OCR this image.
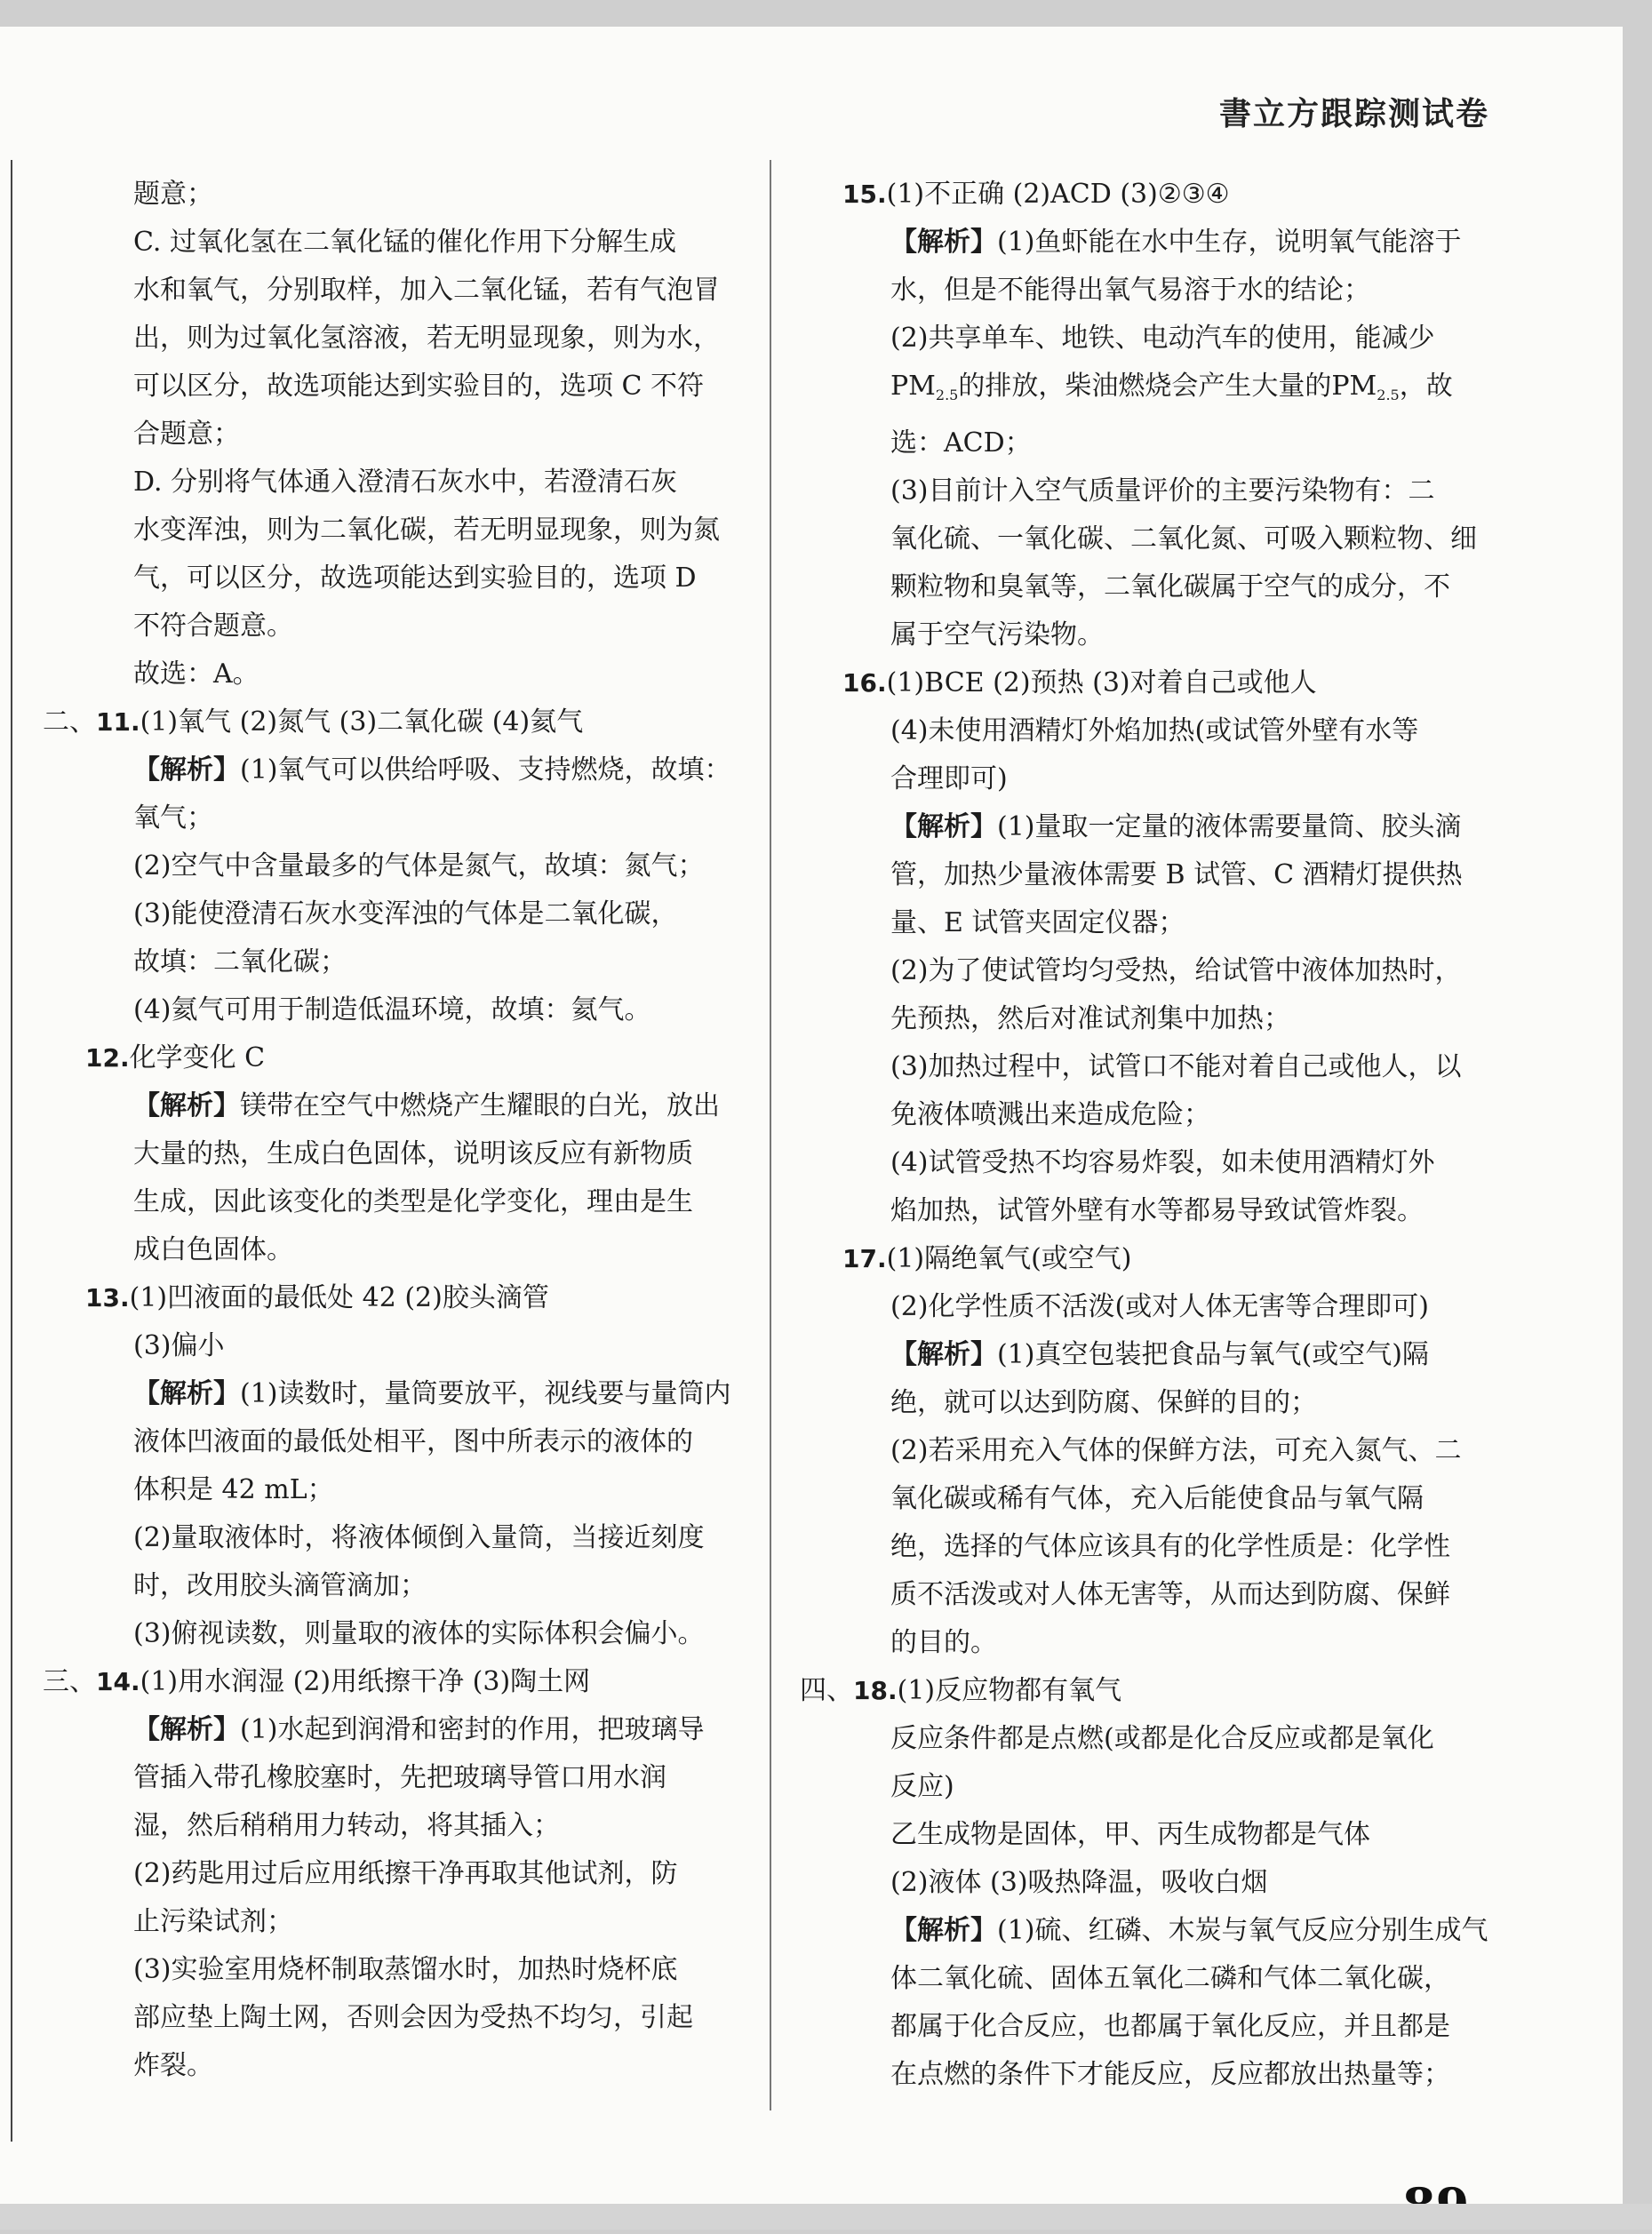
書立方跟踪测试卷

题意；

C. 过氧化氢在二氧化锰的催化作用下分解生成

水和氧气，分别取样，加入二氧化锰，若有气泡冒

出，则为过氧化氢溶液，若无明显现象，则为水，

可以区分，故选项能达到实验目的，选项 C 不符

合题意；

D. 分别将气体通入澄清石灰水中，若澄清石灰

水变浑浊，则为二氧化碳，若无明显现象，则为氮

气，可以区分，故选项能达到实验目的，选项 D

不符合题意。

故选：A。

二、11.(1)氧气 (2)氮气 (3)二氧化碳 (4)氦气

【解析】(1)氧气可以供给呼吸、支持燃烧，故填：

氧气；

(2)空气中含量最多的气体是氮气，故填：氮气；

(3)能使澄清石灰水变浑浊的气体是二氧化碳，

故填：二氧化碳；

(4)氦气可用于制造低温环境，故填：氦气。

12.化学变化 C

【解析】镁带在空气中燃烧产生耀眼的白光，放出

大量的热，生成白色固体，说明该反应有新物质

生成，因此该变化的类型是化学变化，理由是生

成白色固体。

13.(1)凹液面的最低处 42 (2)胶头滴管

(3)偏小

【解析】(1)读数时，量筒要放平，视线要与量筒内

液体凹液面的最低处相平，图中所表示的液体的

体积是 42 mL；

(2)量取液体时，将液体倾倒入量筒，当接近刻度

时，改用胶头滴管滴加；

(3)俯视读数，则量取的液体的实际体积会偏小。

三、14.(1)用水润湿 (2)用纸擦干净 (3)陶土网

【解析】(1)水起到润滑和密封的作用，把玻璃导

管插入带孔橡胶塞时，先把玻璃导管口用水润

湿，然后稍稍用力转动，将其插入；

(2)药匙用过后应用纸擦干净再取其他试剂，防

止污染试剂；

(3)实验室用烧杯制取蒸馏水时，加热时烧杯底

部应垫上陶土网，否则会因为受热不均匀，引起

炸裂。

15.(1)不正确 (2)ACD (3)②③④

【解析】(1)鱼虾能在水中生存，说明氧气能溶于

水，但是不能得出氧气易溶于水的结论；

(2)共享单车、地铁、电动汽车的使用，能减少

$PM_{2.5}$的排放，柴油燃烧会产生大量的$PM_{2.5}$，故

选：ACD；

(3)目前计入空气质量评价的主要污染物有：二

氧化硫、一氧化碳、二氧化氮、可吸入颗粒物、细

颗粒物和臭氧等，二氧化碳属于空气的成分，不

属于空气污染物。

16.(1)BCE (2)预热 (3)对着自己或他人

(4)未使用酒精灯外焰加热(或试管外壁有水等

合理即可)

【解析】(1)量取一定量的液体需要量筒、胶头滴

管，加热少量液体需要 B 试管、C 酒精灯提供热

量、E 试管夹固定仪器；

(2)为了使试管均匀受热，给试管中液体加热时，

先预热，然后对准试剂集中加热；

(3)加热过程中，试管口不能对着自己或他人，以

免液体喷溅出来造成危险；

(4)试管受热不均容易炸裂，如未使用酒精灯外

焰加热，试管外壁有水等都易导致试管炸裂。

17.(1)隔绝氧气(或空气)

(2)化学性质不活泼(或对人体无害等合理即可)

【解析】(1)真空包装把食品与氧气(或空气)隔

绝，就可以达到防腐、保鲜的目的；

(2)若采用充入气体的保鲜方法，可充入氮气、二

氧化碳或稀有气体，充入后能使食品与氧气隔

绝，选择的气体应该具有的化学性质是：化学性

质不活泼或对人体无害等，从而达到防腐、保鲜

的目的。

四、18.(1)反应物都有氧气

反应条件都是点燃(或都是化合反应或都是氧化

反应)

乙生成物是固体，甲、丙生成物都是气体

(2)液体 (3)吸热降温，吸收白烟

【解析】(1)硫、红磷、木炭与氧气反应分别生成气

体二氧化硫、固体五氧化二磷和气体二氧化碳，

都属于化合反应，也都属于氧化反应，并且都是

在点燃的条件下才能反应，反应都放出热量等；
